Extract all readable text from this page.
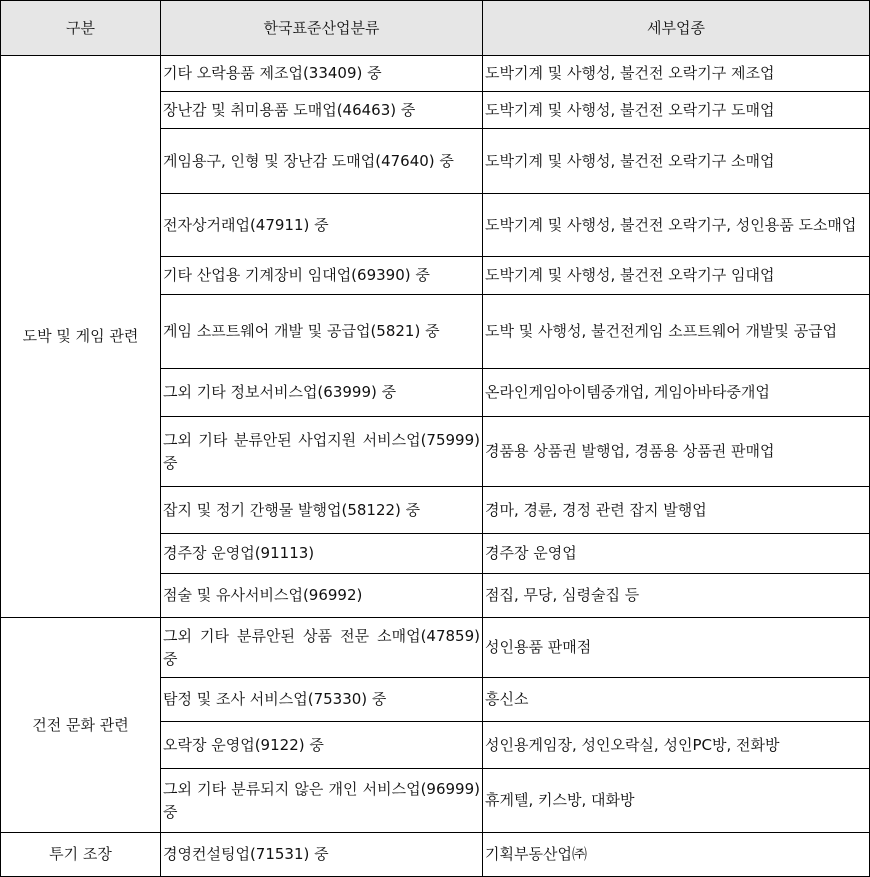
구분	한국표준산업분류	세부업종
도박 및 게임 관련	기타 오락용품 제조업(33409) 중	도박기계 및 사행성, 불건전 오락기구 제조업
	장난감 및 취미용품 도매업(46463) 중	도박기계 및 사행성, 불건전 오락기구 도매업
	게임용구, 인형 및 장난감 도매업(47640) 중	도박기계 및 사행성, 불건전 오락기구 소매업
	전자상거래업(47911) 중	도박기계 및 사행성, 불건전 오락기구, 성인용품 도소매업
	기타 산업용 기계장비 임대업(69390) 중	도박기계 및 사행성, 불건전 오락기구 임대업
	게임 소프트웨어 개발 및 공급업(5821) 중	도박 및 사행성, 불건전게임 소프트웨어 개발및 공급업
	그외 기타 정보서비스업(63999) 중	온라인게임아이템중개업, 게임아바타중개업
	그외 기타 분류안된 사업지원 서비스업(75999) 중	경품용 상품권 발행업, 경품용 상품권 판매업
	잡지 및 정기 간행물 발행업(58122) 중	경마, 경륜, 경정 관련 잡지 발행업
	경주장 운영업(91113)	경주장 운영업
	점술 및 유사서비스업(96992)	점집, 무당, 심령술집 등
건전 문화 관련	그외 기타 분류안된 상품 전문 소매업(47859) 중	성인용품 판매점
	탐정 및 조사 서비스업(75330) 중	흥신소
	오락장 운영업(9122) 중	성인용게임장, 성인오락실, 성인PC방, 전화방
	그외 기타 분류되지 않은 개인 서비스업(96999) 중	휴게텔, 키스방, 대화방
투기 조장	경영컨설팅업(71531) 중	기획부동산업㈜
